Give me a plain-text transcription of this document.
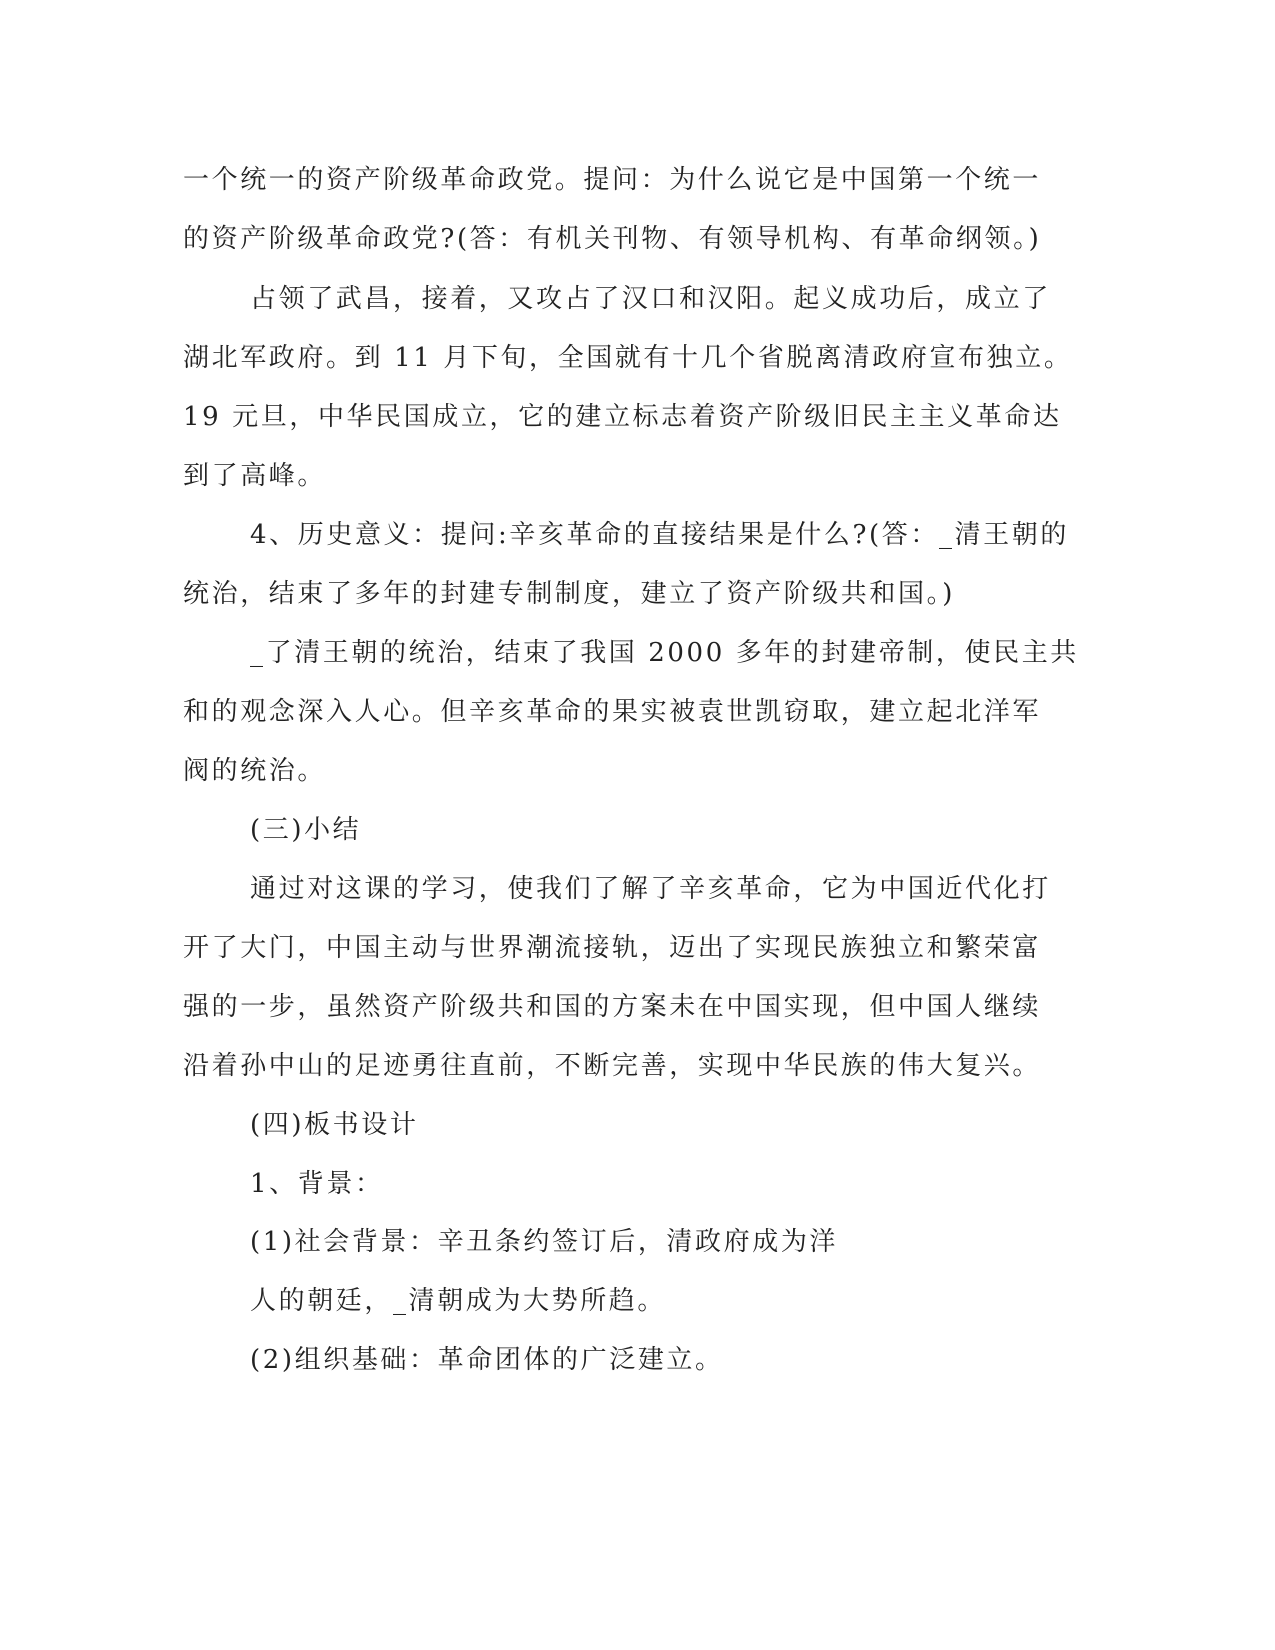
一个统一的资产阶级革命政党。提问：为什么说它是中国第一个统一
的资产阶级革命政党?(答：有机关刊物、有领导机构、有革命纲领。)
占领了武昌，接着，又攻占了汉口和汉阳。起义成功后，成立了
湖北军政府。到 11 月下旬，全国就有十几个省脱离清政府宣布独立。
19 元旦，中华民国成立，它的建立标志着资产阶级旧民主主义革命达
到了高峰。
4、历史意义：提问:辛亥革命的直接结果是什么?(答：_清王朝的
统治，结束了多年的封建专制制度，建立了资产阶级共和国。)
_了清王朝的统治，结束了我国 2000 多年的封建帝制，使民主共
和的观念深入人心。但辛亥革命的果实被袁世凯窃取，建立起北洋军
阀的统治。
(三)小结
通过对这课的学习，使我们了解了辛亥革命，它为中国近代化打
开了大门，中国主动与世界潮流接轨，迈出了实现民族独立和繁荣富
强的一步，虽然资产阶级共和国的方案未在中国实现，但中国人继续
沿着孙中山的足迹勇往直前，不断完善，实现中华民族的伟大复兴。
(四)板书设计
1、背景：
(1)社会背景：辛丑条约签订后，清政府成为洋
人的朝廷，_清朝成为大势所趋。
(2)组织基础：革命团体的广泛建立。
